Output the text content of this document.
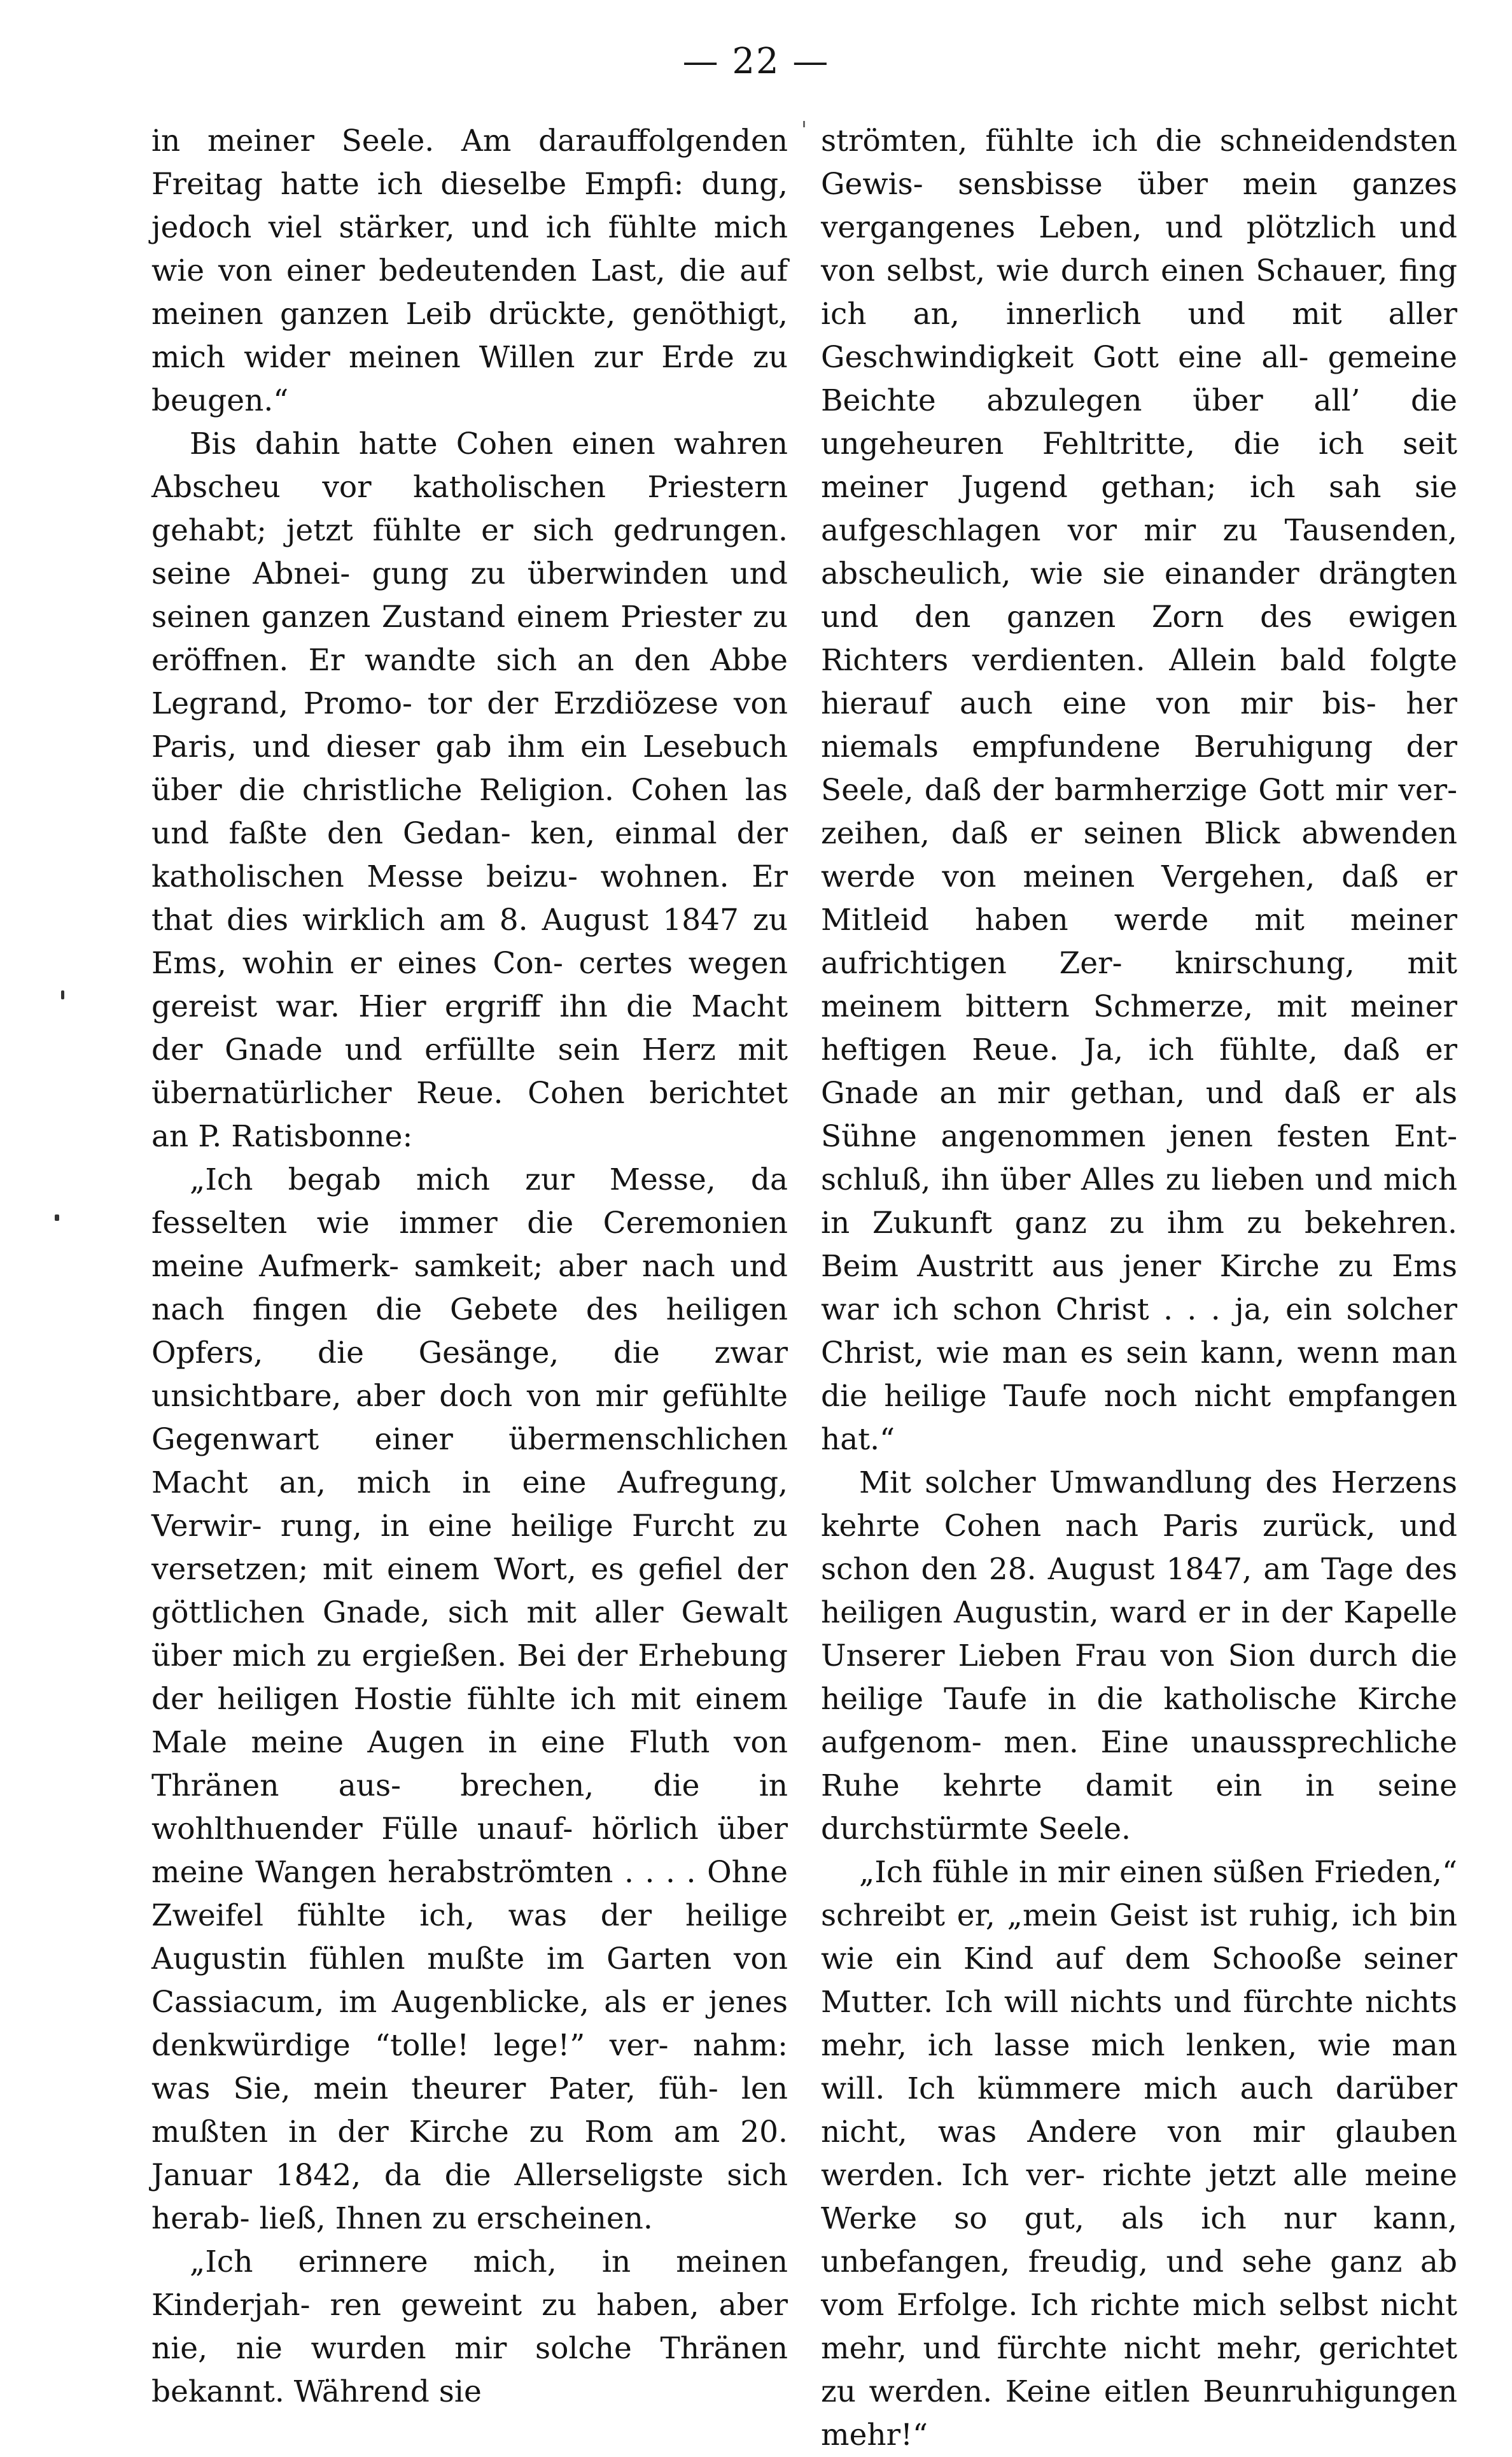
— 22 —

in meiner Seele. Am darauffolgenden Freitag hatte ich dieselbe Empfi: dung, jedoch viel stärker, und ich fühlte mich wie von einer bedeutenden Last, die auf meinen ganzen Leib drückte, genöthigt, mich wider meinen Willen zur Erde zu beugen.“

Bis dahin hatte Cohen einen wahren Abscheu vor katholischen Priestern gehabt; jetzt fühlte er sich gedrungen. seine Abnei- gung zu überwinden und seinen ganzen Zustand einem Priester zu eröffnen. Er wandte sich an den Abbe Legrand, Promo- tor der Erzdiözese von Paris, und dieser gab ihm ein Lesebuch über die christliche Religion. Cohen las und faßte den Gedan- ken, einmal der katholischen Messe beizu- wohnen. Er that dies wirklich am 8. August 1847 zu Ems, wohin er eines Con- certes wegen gereist war. Hier ergriff ihn die Macht der Gnade und erfüllte sein Herz mit übernatürlicher Reue. Cohen berichtet an P. Ratisbonne:

„Ich begab mich zur Messe, da fesselten wie immer die Ceremonien meine Aufmerk- samkeit; aber nach und nach fingen die Gebete des heiligen Opfers, die Gesänge, die zwar unsichtbare, aber doch von mir gefühlte Gegenwart einer übermenschlichen Macht an, mich in eine Aufregung, Verwir- rung, in eine heilige Furcht zu versetzen; mit einem Wort, es gefiel der göttlichen Gnade, sich mit aller Gewalt über mich zu ergießen. Bei der Erhebung der heiligen Hostie fühlte ich mit einem Male meine Augen in eine Fluth von Thränen aus- brechen, die in wohlthuender Fülle unauf- hörlich über meine Wangen herabströmten . . . . Ohne Zweifel fühlte ich, was der heilige Augustin fühlen mußte im Garten von Cassiacum, im Augenblicke, als er jenes denkwürdige “tolle! lege!” ver- nahm: was Sie, mein theurer Pater, füh- len mußten in der Kirche zu Rom am 20. Januar 1842, da die Allerseligste sich herab- ließ, Ihnen zu erscheinen.

„Ich erinnere mich, in meinen Kinderjah- ren geweint zu haben, aber nie, nie wurden mir solche Thränen bekannt. Während sie

strömten, fühlte ich die schneidendsten Gewis- sensbisse über mein ganzes vergangenes Leben, und plötzlich und von selbst, wie durch einen Schauer, fing ich an, innerlich und mit aller Geschwindigkeit Gott eine all- gemeine Beichte abzulegen über all’ die ungeheuren Fehltritte, die ich seit meiner Jugend gethan; ich sah sie aufgeschlagen vor mir zu Tausenden, abscheulich, wie sie einander drängten und den ganzen Zorn des ewigen Richters verdienten. Allein bald folgte hierauf auch eine von mir bis- her niemals empfundene Beruhigung der Seele, daß der barmherzige Gott mir ver- zeihen, daß er seinen Blick abwenden werde von meinen Vergehen, daß er Mitleid haben werde mit meiner aufrichtigen Zer- knirschung, mit meinem bittern Schmerze, mit meiner heftigen Reue. Ja, ich fühlte, daß er Gnade an mir gethan, und daß er als Sühne angenommen jenen festen Ent- schluß, ihn über Alles zu lieben und mich in Zukunft ganz zu ihm zu bekehren. Beim Austritt aus jener Kirche zu Ems war ich schon Christ . . . ja, ein solcher Christ, wie man es sein kann, wenn man die heilige Taufe noch nicht empfangen hat.“

Mit solcher Umwandlung des Herzens kehrte Cohen nach Paris zurück, und schon den 28. August 1847, am Tage des heiligen Augustin, ward er in der Kapelle Unserer Lieben Frau von Sion durch die heilige Taufe in die katholische Kirche aufgenom- men. Eine unaussprechliche Ruhe kehrte damit ein in seine durchstürmte Seele.

„Ich fühle in mir einen süßen Frieden,“ schreibt er, „mein Geist ist ruhig, ich bin wie ein Kind auf dem Schooße seiner Mutter. Ich will nichts und fürchte nichts mehr, ich lasse mich lenken, wie man will. Ich kümmere mich auch darüber nicht, was Andere von mir glauben werden. Ich ver- richte jetzt alle meine Werke so gut, als ich nur kann, unbefangen, freudig, und sehe ganz ab vom Erfolge. Ich richte mich selbst nicht mehr, und fürchte nicht mehr, gerichtet zu werden. Keine eitlen Beunruhigungen mehr!“
